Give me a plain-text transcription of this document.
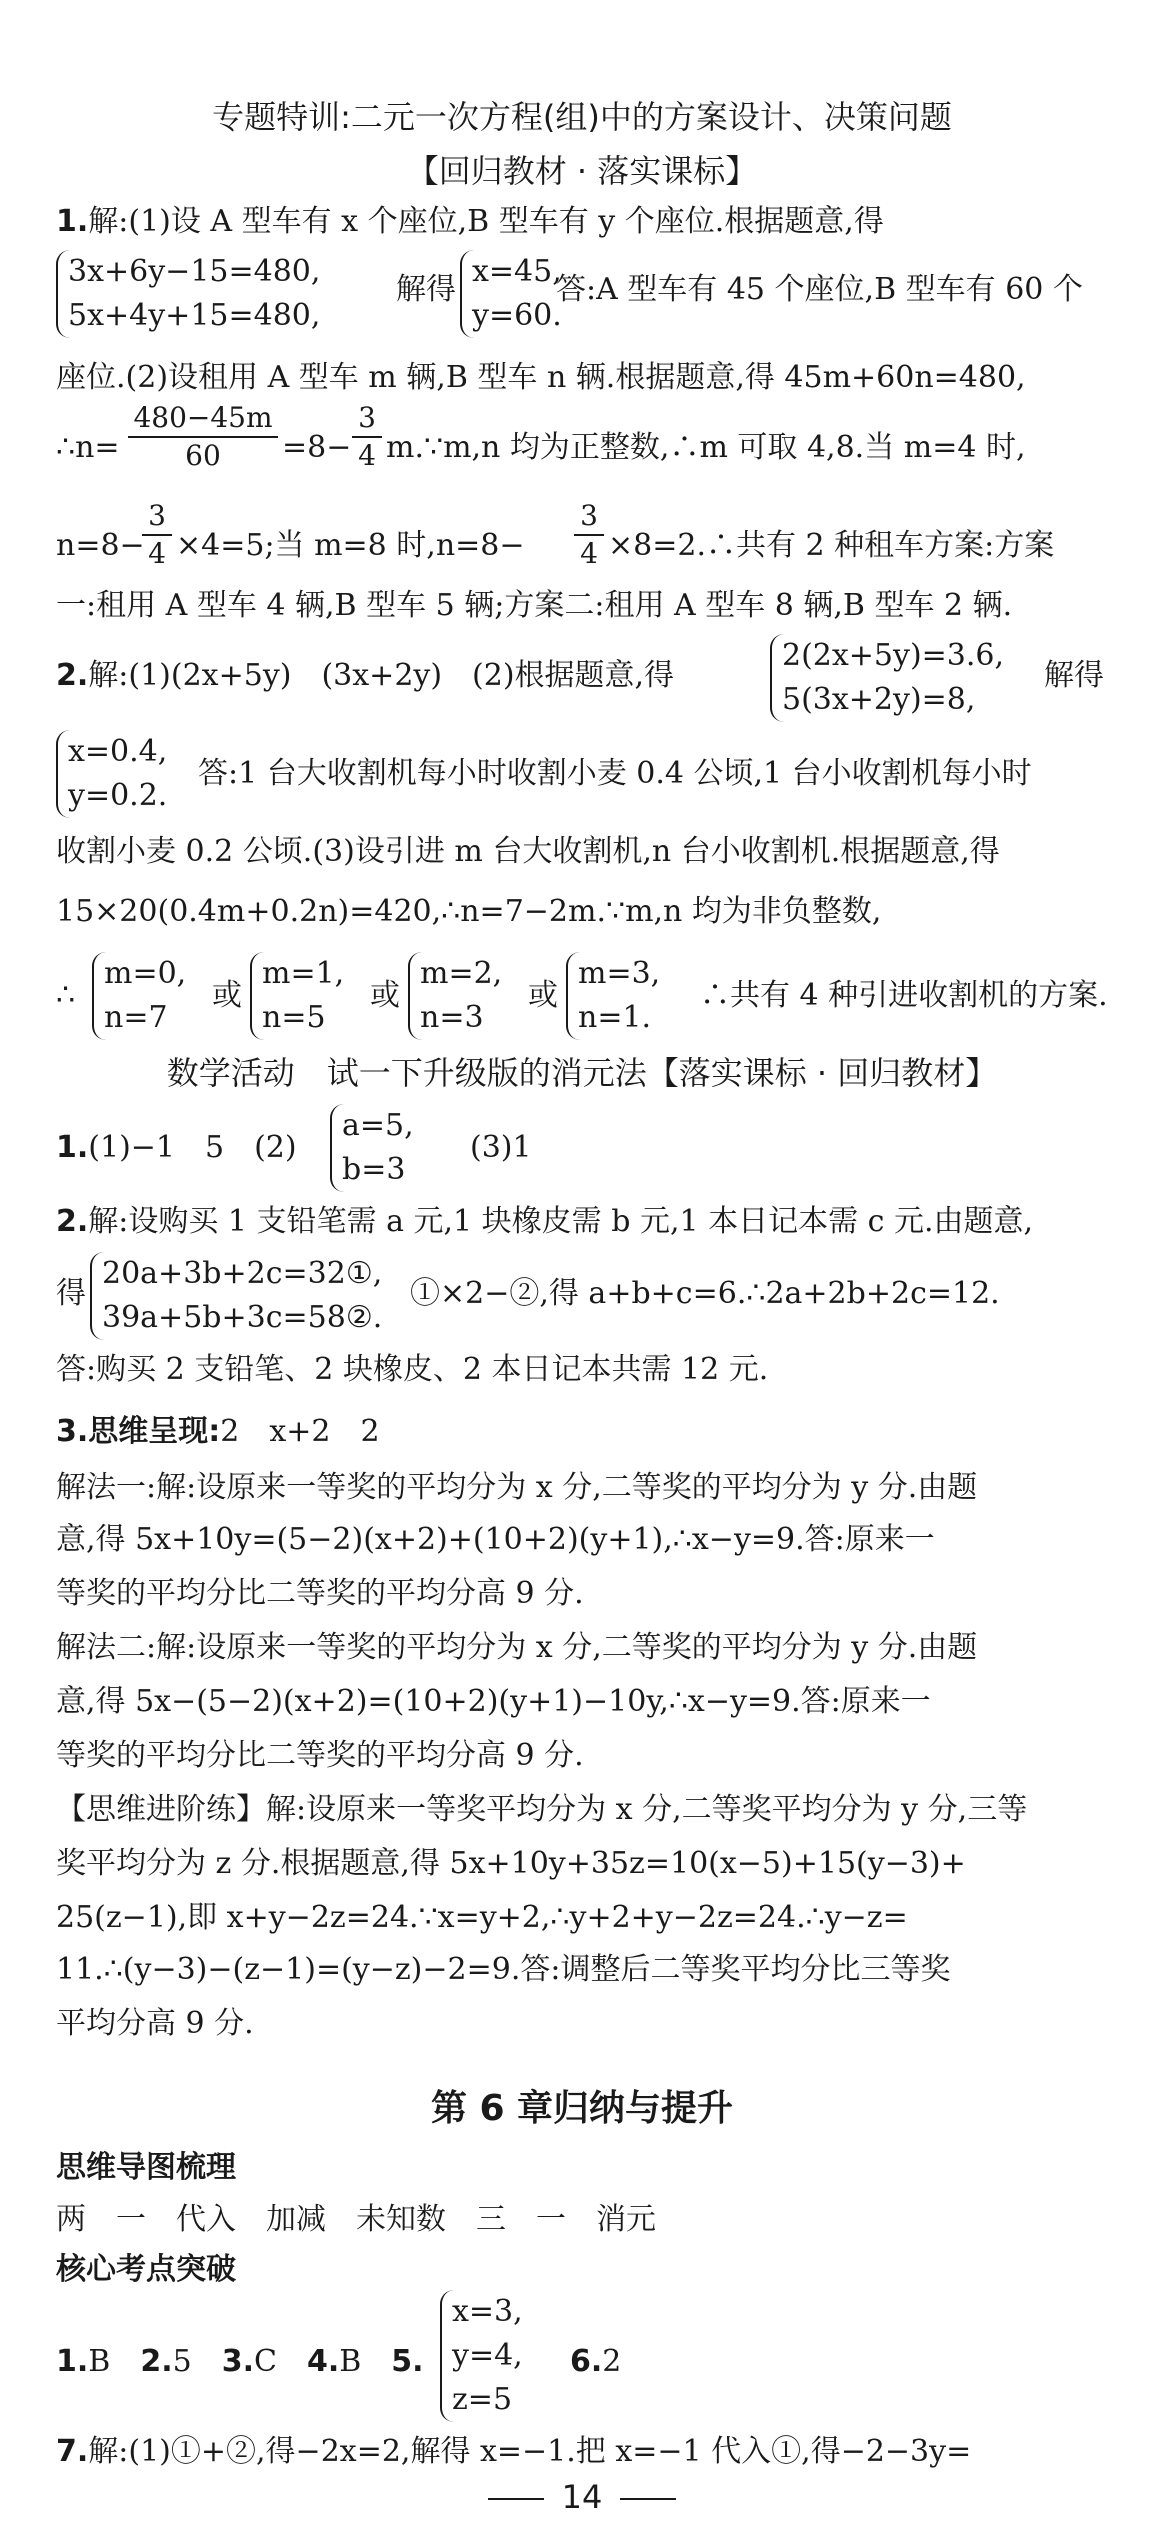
专题特训:二元一次方程(组)中的方案设计、决策问题
【回归教材 · 落实课标】
1.解:(1)设 A 型车有 x 个座位,B 型车有 y 个座位.根据题意,得
3x+6y−15=480,
5x+4y+15=480,
解得
x=45,
y=60.
答:A 型车有 45 个座位,B 型车有 60 个
座位.(2)设租用 A 型车 m 辆,B 型车 n 辆.根据题意,得 45m+60n=480,
∴n= $\frac{480-45m}{60} =8- \frac{3}{4}$ m.∵m,n 均为正整数,∴m 可取 4,8.当 m=4 时,
n=8−
$\frac{3}{4} \times 4=5$;当 m=8 时$,n=8- \frac{3}{4}$ ×8=2.∴共有 2 种租车方案:方案
一:租用 A 型车 4 辆,B 型车 5 辆;方案二:租用 A 型车 8 辆,B 型车 2 辆.
2.解:(1)(2x+5y)　(3x+2y)　(2)根据题意,得
2(2x+5y)=3.6,
5(3x+2y)=8,
解得
x=0.4,
y=0.2.
答:1 台大收割机每小时收割小麦 0.4 公顷,1 台小收割机每小时
收割小麦 0.2 公顷.(3)设引进 m 台大收割机,n 台小收割机.根据题意,得
15×20(0.4m+0.2n)=420,∴n=7−2m.∵m,n 均为非负整数,
∴
m=0,
n=7
或
m=1,
n=5
或
m=2,
n=3
或
m=3,
n=1.
∴共有 4 种引进收割机的方案.
数学活动　试一下升级版的消元法【落实课标 · 回归教材】
1.(1)−1　5　(2)
a=5,
b=3
(3)1
2.解:设购买 1 支铅笔需 a 元,1 块橡皮需 b 元,1 本日记本需 c 元.由题意,
得
20a+3b+2c=32①,
39a+5b+3c=58②.
①×2−②,得 a+b+c=6.∴2a+2b+2c=12.
答:购买 2 支铅笔、2 块橡皮、2 本日记本共需 12 元.
3.思维呈现:2　x+2　2
解法一:解:设原来一等奖的平均分为 x 分,二等奖的平均分为 y 分.由题
意,得 5x+10y=(5−2)(x+2)+(10+2)(y+1),∴x−y=9.答:原来一
等奖的平均分比二等奖的平均分高 9 分.
解法二:解:设原来一等奖的平均分为 x 分,二等奖的平均分为 y 分.由题
意,得 5x−(5−2)(x+2)=(10+2)(y+1)−10y,∴x−y=9.答:原来一
等奖的平均分比二等奖的平均分高 9 分.
【思维进阶练】解:设原来一等奖平均分为 x 分,二等奖平均分为 y 分,三等
奖平均分为 z 分.根据题意,得 5x+10y+35z=10(x−5)+15(y−3)+
25(z−1),即 x+y−2z=24.∵x=y+2,∴y+2+y−2z=24.∴y−z=
11.∴(y−3)−(z−1)=(y−z)−2=9.答:调整后二等奖平均分比三等奖
平均分高 9 分.
第 6 章归纳与提升
思维导图梳理
两　一　代入　加减　未知数　三　一　消元
核心考点突破
1.B　 2.5　 3.C　 4.B　 5.
x=3,
y=4,
z=5
6.2
7.解:(1)①+②,得−2x=2,解得 x=−1.把 x=−1 代入①,得−2−3y=
14
